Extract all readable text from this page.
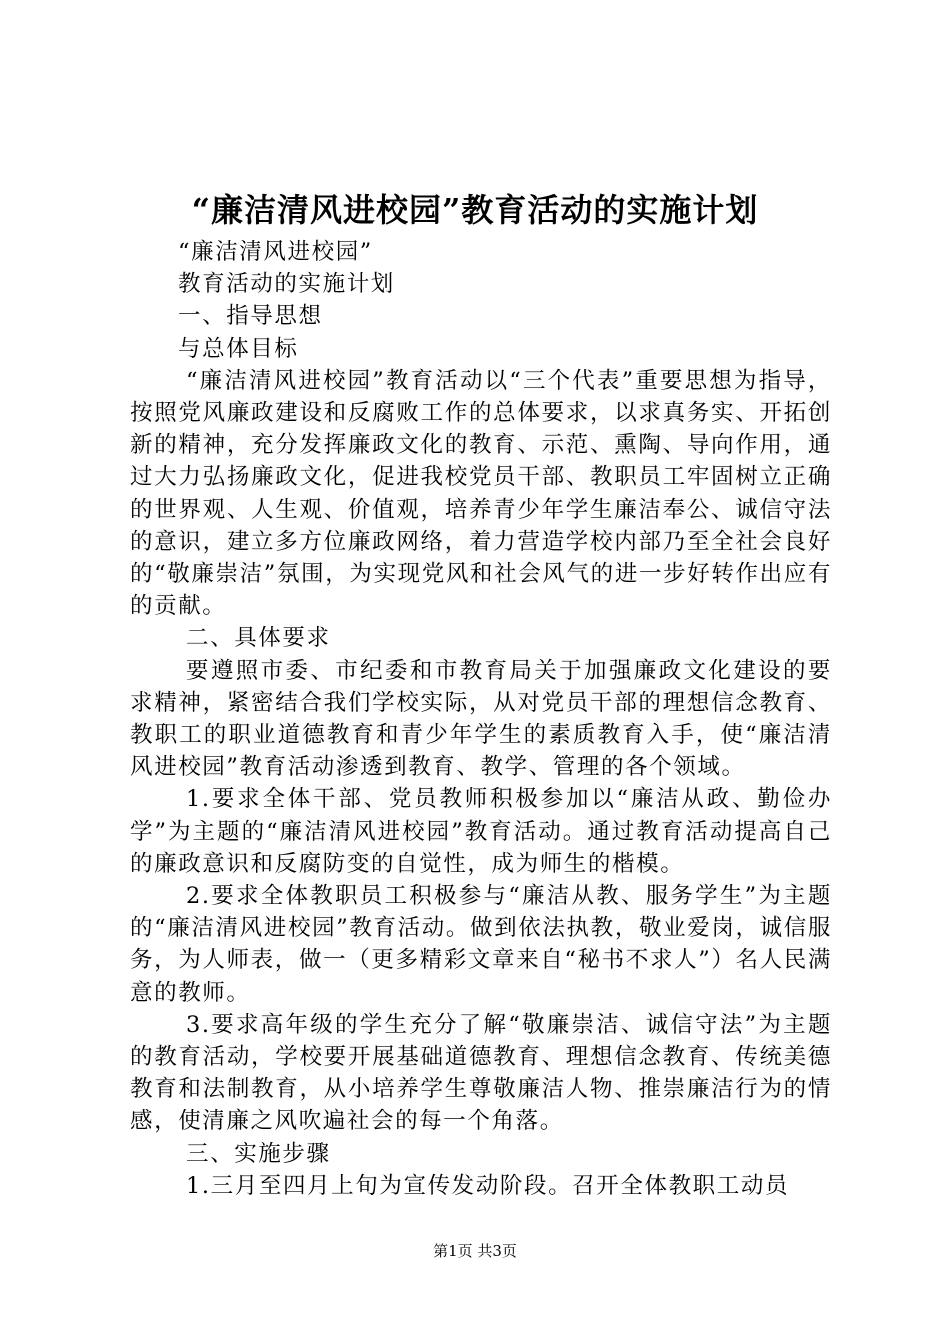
“廉洁清风进校园”教育活动的实施计划

“廉洁清风进校园”

教育活动的实施计划

一、指导思想

与总体目标

“廉洁清风进校园”教育活动以“三个代表”重要思想为指导，按照党风廉政建设和反腐败工作的总体要求，以求真务实、开拓创新的精神，充分发挥廉政文化的教育、示范、熏陶、导向作用，通过大力弘扬廉政文化，促进我校党员干部、教职员工牢固树立正确的世界观、人生观、价值观，培养青少年学生廉洁奉公、诚信守法的意识，建立多方位廉政网络，着力营造学校内部乃至全社会良好的“敬廉崇洁”氛围，为实现党风和社会风气的进一步好转作出应有的贡献。

二、具体要求

要遵照市委、市纪委和市教育局关于加强廉政文化建设的要求精神，紧密结合我们学校实际，从对党员干部的理想信念教育、教职工的职业道德教育和青少年学生的素质教育入手，使“廉洁清风进校园”教育活动渗透到教育、教学、管理的各个领域。

1.要求全体干部、党员教师积极参加以“廉洁从政、勤俭办学”为主题的“廉洁清风进校园”教育活动。通过教育活动提高自己的廉政意识和反腐防变的自觉性，成为师生的楷模。

2.要求全体教职员工积极参与“廉洁从教、服务学生”为主题的“廉洁清风进校园”教育活动。做到依法执教，敬业爱岗，诚信服务，为人师表，做一（更多精彩文章来自“秘书不求人”）名人民满意的教师。

3.要求高年级的学生充分了解“敬廉崇洁、诚信守法”为主题的教育活动，学校要开展基础道德教育、理想信念教育、传统美德教育和法制教育，从小培养学生尊敬廉洁人物、推崇廉洁行为的情感，使清廉之风吹遍社会的每一个角落。

三、实施步骤

1.三月至四月上旬为宣传发动阶段。召开全体教职工动员

第1页 共3页
